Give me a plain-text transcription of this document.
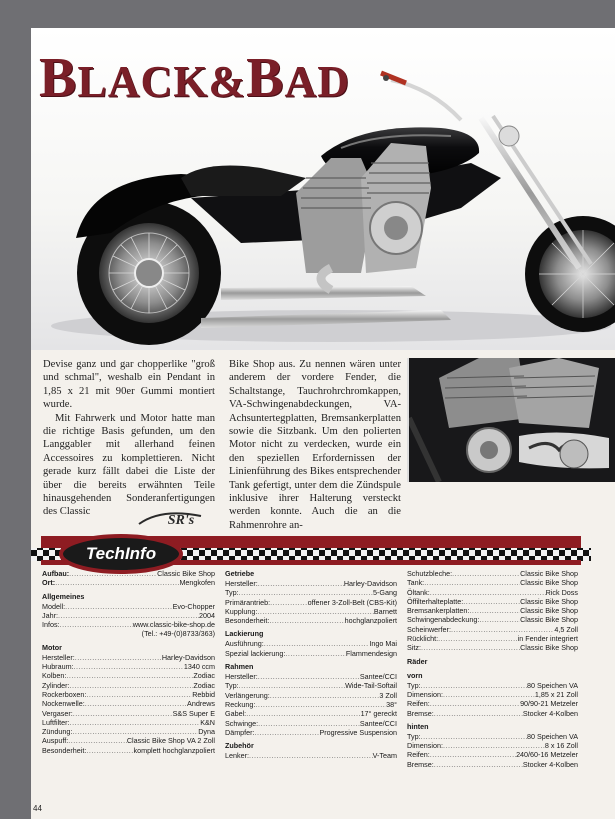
BLACK&BAD

Devise ganz und gar chopperlike "groß und schmal", weshalb ein Pendant in 1,85 x 21 mit 90er Gummi montiert wurde.

Mit Fahrwerk und Motor hatte man die richtige Basis gefunden, um den Langgabler mit allerhand feinen Accessoires zu komplettieren. Nicht gerade kurz fällt dabei die Liste der über die bereits erwähnten Teile hinausgehenden Sonderanfertigungen des Classic

Bike Shop aus. Zu nennen wären unter anderem der vordere Fender, die Schaltstange, Tauchrohrchromkappen, VA-Schwingenabdeckungen, VA-Achsuntertegplatten, Bremsankerplatten sowie die Sitzbank. Um den polierten Motor nicht zu verdecken, wurde ein den speziellen Erfordernissen der Linienführung des Bikes entsprechender Tank gefertigt, unter dem die Zündspule inklusive ihrer Halterung versteckt werden konnte. Auch die an die Rahmenrohre an-

TechInfo
SR's
Aufbau: .....	Classic Bike Shop
Ort: .....	Mengkofen
Allgemeines
Modell: .....	Evo-Chopper
Jahr: .....	2004
Infos: .....	www.classic-bike-shop.de
(Tel.: +49-(0)8733/363)
Motor
Hersteller: .....	Harley-Davidson
Hubraum: .....	1340 ccm
Kolben: .....	Zodiac
Zylinder: .....	Zodiac
Rockerboxen: .....	Rebbid
Nockenwelle: .....	Andrews
Vergaser: .....	S&S Super E
Luftfilter: .....	K&N
Zündung: .....	Dyna
Auspuff: .....	Classic Bike Shop VA 2 Zoll
Besonderheit: .....	komplett hochglanzpoliert
Getriebe
Hersteller: .....	Harley-Davidson
Typ: .....	5-Gang
Primärantrieb: .....	offener 3-Zoll-Belt (CBS-Kit)
Kupplung: .....	Barnett
Besonderheit: .....	hochglanzpoliert
Lackierung
Ausführung: .....	Ingo Mai
Spezial lackierung: .....	Flammendesign
Rahmen
Hersteller: .....	Santee/CCI
Typ: .....	Wide-Tail-Softail
Verlängerung: .....	3 Zoll
Reckung: .....	38°
Gabel: .....	17° gereckt
Schwinge: .....	Santee/CCI
Dämpfer: .....	Progressive Suspension
Zubehör
Lenker: .....	V-Team
Schutzbleche: .....	Classic Bike Shop
Tank: .....	Classic Bike Shop
Öltank: .....	Rick Doss
Öffilterhalteplatte: .....	Classic Bike Shop
Bremsankerplatten: .....	Classic Bike Shop
Schwingenabdeckung: .....	Classic Bike Shop
Scheinwerfer: .....	4,5 Zoll
Rücklicht: .....	in Fender integriert
Sitz: .....	Classic Bike Shop
Räder
vorn
Typ: .....	80 Speichen VA
Dimension: .....	1,85 x 21 Zoll
Reifen: .....	90/90-21 Metzeler
Bremse: .....	Stocker 4-Kolben
hinten
Typ: .....	80 Speichen VA
Dimension: .....	8 x 16 Zoll
Reifen: .....	240/60-16 Metzeler
Bremse: .....	Stocker 4-Kolben
44
